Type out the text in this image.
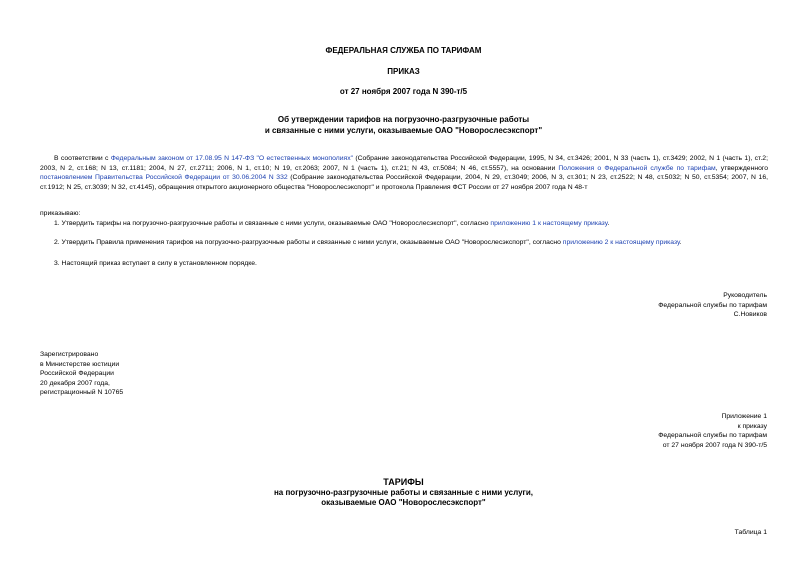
ФЕДЕРАЛЬНАЯ СЛУЖБА ПО ТАРИФАМ
ПРИКАЗ
от 27 ноября 2007 года N 390-т/5
Об утверждении тарифов на погрузочно-разгрузочные работы
и связанные с ними услуги, оказываемые ОАО "Новорослесэкспорт"
В соответствии с Федеральным законом от 17.08.95 N 147-ФЗ "О естественных монополиях" (Собрание законодательства Российской Федерации, 1995, N 34, ст.3426; 2001, N 33 (часть 1), ст.3429; 2002, N 1 (часть 1), ст.2; 2003, N 2, ст.168; N 13, ст.1181; 2004, N 27, ст.2711; 2006, N 1, ст.10; N 19, ст.2063; 2007, N 1 (часть 1), ст.21; N 43, ст.5084; N 46, ст.5557), на основании Положения о Федеральной службе по тарифам, утвержденного постановлением Правительства Российской Федерации от 30.06.2004 N 332 (Собрание законодательства Российской Федерации, 2004, N 29, ст.3049; 2006, N 3, ст.301; N 23, ст.2522; N 48, ст.5032; N 50, ст.5354; 2007, N 16, ст.1912; N 25, ст.3039; N 32, ст.4145), обращения открытого акционерного общества "Новорослесэкспорт" и протокола Правления ФСТ России от 27 ноября 2007 года N 48-т
приказываю:
1. Утвердить тарифы на погрузочно-разгрузочные работы и связанные с ними услуги, оказываемые ОАО "Новорослесэкспорт", согласно приложению 1 к настоящему приказу.
2. Утвердить Правила применения тарифов на погрузочно-разгрузочные работы и связанные с ними услуги, оказываемые ОАО "Новорослесэкспорт", согласно приложению 2 к настоящему приказу.
3. Настоящий приказ вступает в силу в установленном порядке.
Руководитель
Федеральной службы по тарифам
С.Новиков
Зарегистрировано
в Министерстве юстиции
Российской Федерации
20 декабря 2007 года,
регистрационный N 10765
Приложение 1
к приказу
Федеральной службы по тарифам
от 27 ноября 2007 года N 390-т/5
ТАРИФЫ
на погрузочно-разгрузочные работы и связанные с ними услуги,
оказываемые ОАО "Новорослесэкспорт"
Таблица 1
